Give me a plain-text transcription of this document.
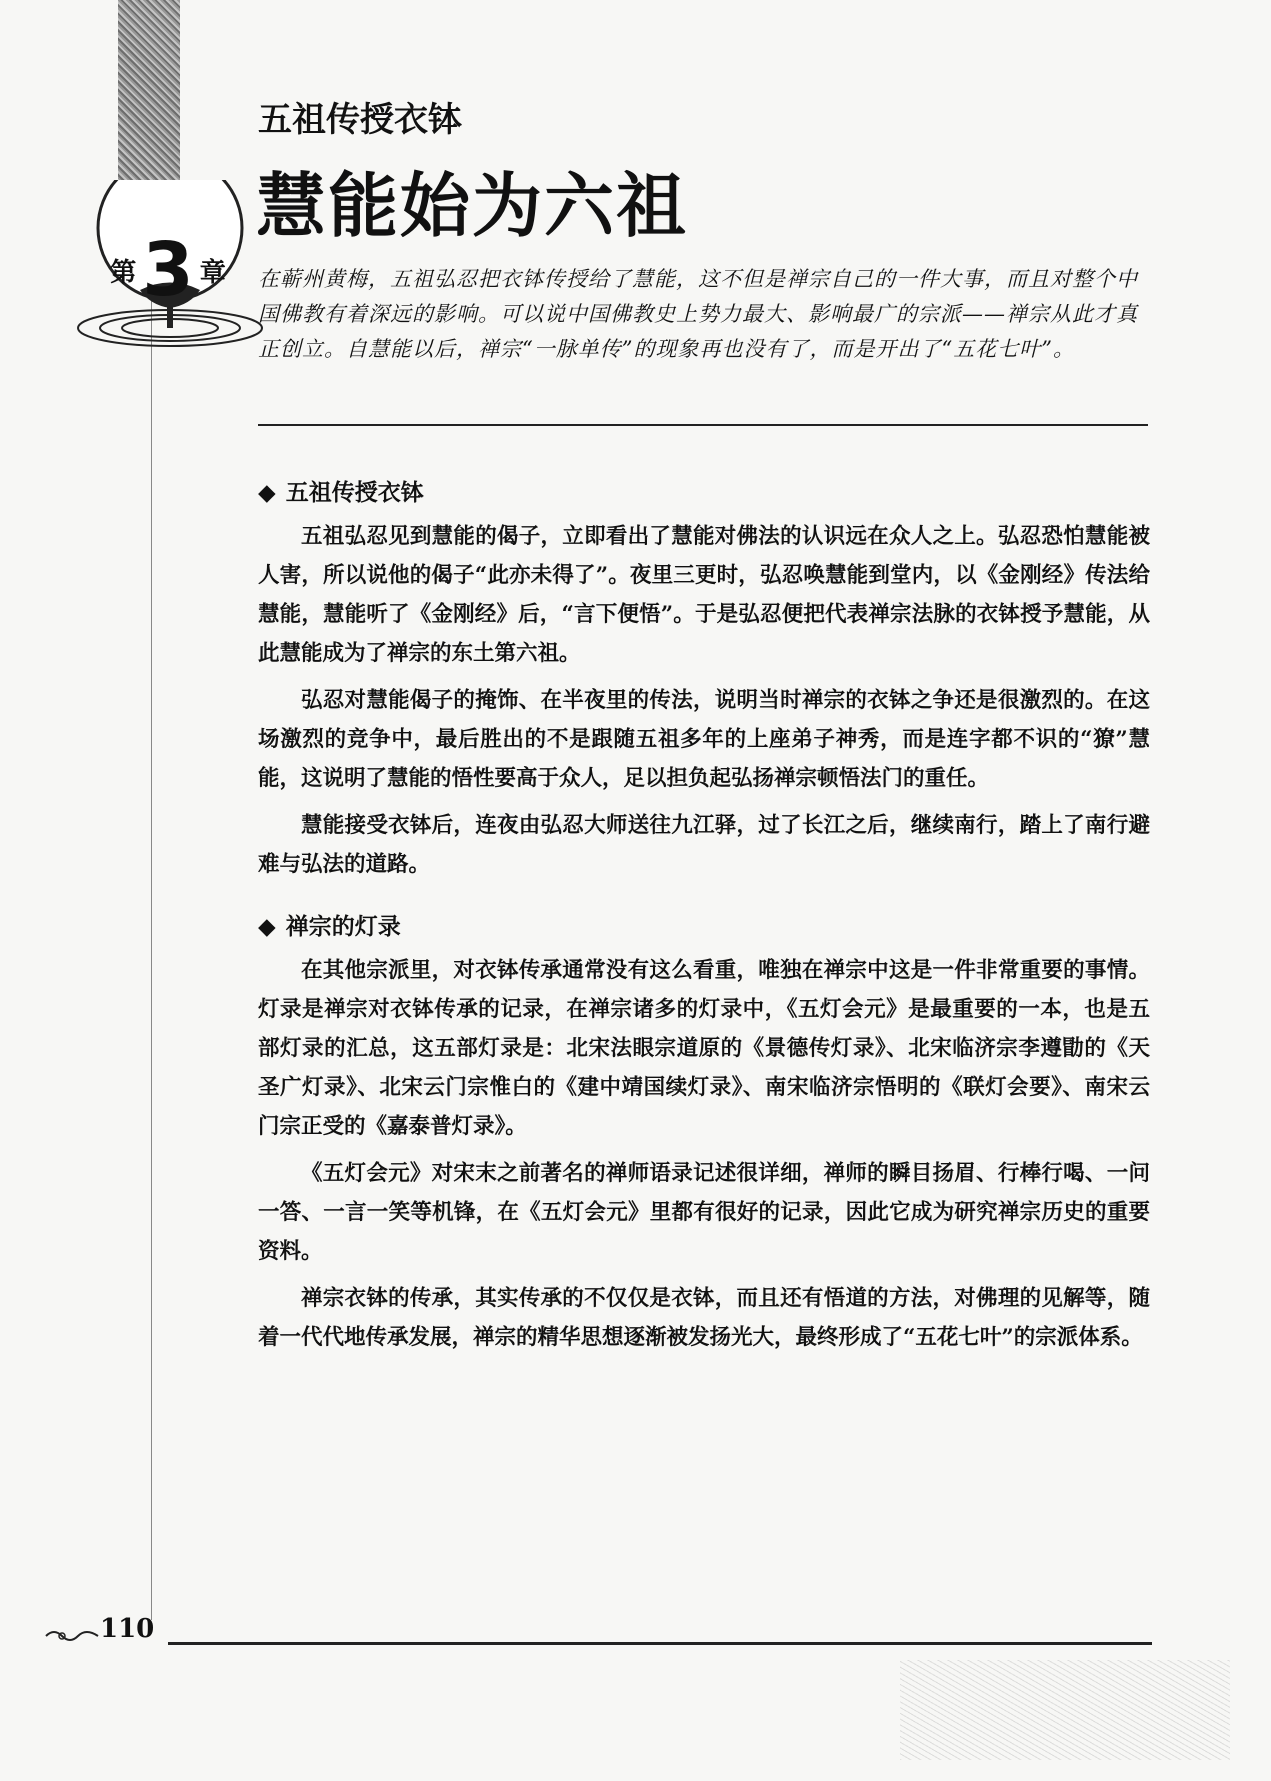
第 3 章
五祖传授衣钵
慧能始为六祖
在蕲州黄梅，五祖弘忍把衣钵传授给了慧能，这不但是禅宗自己的一件大事，而且对整个中国佛教有着深远的影响。可以说中国佛教史上势力最大、影响最广的宗派——禅宗从此才真正创立。自慧能以后，禅宗“一脉单传”的现象再也没有了，而是开出了“五花七叶”。
◆ 五祖传授衣钵

五祖弘忍见到慧能的偈子，立即看出了慧能对佛法的认识远在众人之上。弘忍恐怕慧能被人害，所以说他的偈子“此亦未得了”。夜里三更时，弘忍唤慧能到堂内，以《金刚经》传法给慧能，慧能听了《金刚经》后，“言下便悟”。于是弘忍便把代表禅宗法脉的衣钵授予慧能，从此慧能成为了禅宗的东土第六祖。

弘忍对慧能偈子的掩饰、在半夜里的传法，说明当时禅宗的衣钵之争还是很激烈的。在这场激烈的竞争中，最后胜出的不是跟随五祖多年的上座弟子神秀，而是连字都不识的“獠”慧能，这说明了慧能的悟性要高于众人，足以担负起弘扬禅宗顿悟法门的重任。

慧能接受衣钵后，连夜由弘忍大师送往九江驿，过了长江之后，继续南行，踏上了南行避难与弘法的道路。

◆ 禅宗的灯录

在其他宗派里，对衣钵传承通常没有这么看重，唯独在禅宗中这是一件非常重要的事情。灯录是禅宗对衣钵传承的记录，在禅宗诸多的灯录中，《五灯会元》是最重要的一本，也是五部灯录的汇总，这五部灯录是：北宋法眼宗道原的《景德传灯录》、北宋临济宗李遵勖的《天圣广灯录》、北宋云门宗惟白的《建中靖国续灯录》、南宋临济宗悟明的《联灯会要》、南宋云门宗正受的《嘉泰普灯录》。

《五灯会元》对宋末之前著名的禅师语录记述很详细，禅师的瞬目扬眉、行棒行喝、一问一答、一言一笑等机锋，在《五灯会元》里都有很好的记录，因此它成为研究禅宗历史的重要资料。

禅宗衣钵的传承，其实传承的不仅仅是衣钵，而且还有悟道的方法，对佛理的见解等，随着一代代地传承发展，禅宗的精华思想逐渐被发扬光大，最终形成了“五花七叶”的宗派体系。

110
